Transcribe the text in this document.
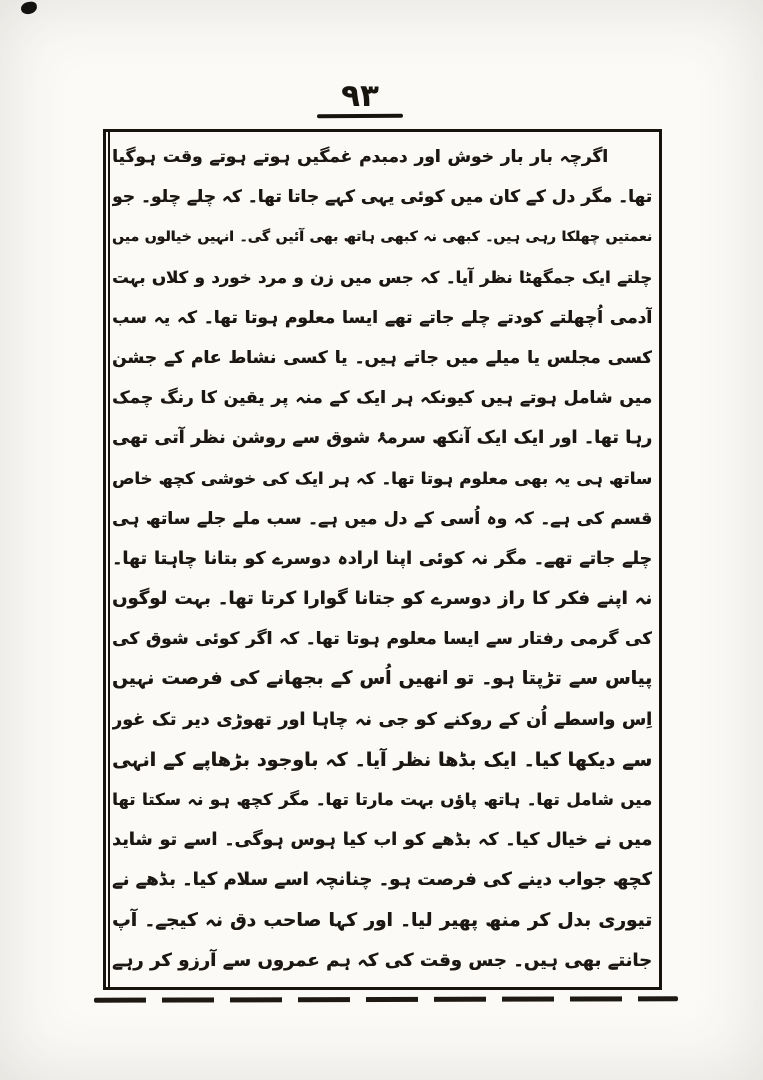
۹۳
اگرچہ بار بار خوش اور دمبدم غمگیں ہوتے ہوتے وقت ہوگیا
تھا۔ مگر دل کے کان میں کوئی یہی کہے جاتا تھا۔ کہ چلے چلو۔ جو
نعمتیں چھلکا رہی ہیں۔ کبھی نہ کبھی ہاتھ بھی آئیں گی۔ انہیں خیالوں میں
چلتے ایک جمگھٹا نظر آیا۔ کہ جس میں زن و مرد خورد و کلاں بہت
آدمی اُچھلتے کودتے چلے جاتے تھے ایسا معلوم ہوتا تھا۔ کہ یہ سب
کسی مجلس یا میلے میں جاتے ہیں۔ یا کسی نشاط عام کے جشن
میں شامل ہوتے ہیں کیونکہ ہر ایک کے منہ پر یقین کا رنگ چمک
رہا تھا۔ اور ایک ایک آنکھ سرمۂ شوق سے روشن نظر آتی تھی
ساتھ ہی یہ بھی معلوم ہوتا تھا۔ کہ ہر ایک کی خوشی کچھ خاص
قسم کی ہے۔ کہ وہ اُسی کے دل میں ہے۔ سب ملے جلے ساتھ ہی
چلے جاتے تھے۔ مگر نہ کوئی اپنا ارادہ دوسرے کو بتانا چاہتا تھا۔
نہ اپنے فکر کا راز دوسرے کو جتانا گوارا کرتا تھا۔ بہت لوگوں
کی گرمی رفتار سے ایسا معلوم ہوتا تھا۔ کہ اگر کوئی شوق کی
پیاس سے تڑپتا ہو۔ تو انھیں اُس کے بجھانے کی فرصت نہیں
اِس واسطے اُن کے روکنے کو جی نہ چاہا اور تھوڑی دیر تک غور
سے دیکھا کیا۔ ایک بڈھا نظر آیا۔ کہ باوجود بڑھاپے کے انہی
میں شامل تھا۔ ہاتھ پاؤں بہت مارتا تھا۔ مگر کچھ ہو نہ سکتا تھا
میں نے خیال کیا۔ کہ بڈھے کو اب کیا ہوس ہوگی۔ اسے تو شاید
کچھ جواب دینے کی فرصت ہو۔ چنانچہ اسے سلام کیا۔ بڈھے نے
تیوری بدل کر منھ پھیر لیا۔ اور کہا صاحب دق نہ کیجے۔ آپ
جانتے بھی ہیں۔ جس وقت کی کہ ہم عمروں سے آرزو کر رہے
